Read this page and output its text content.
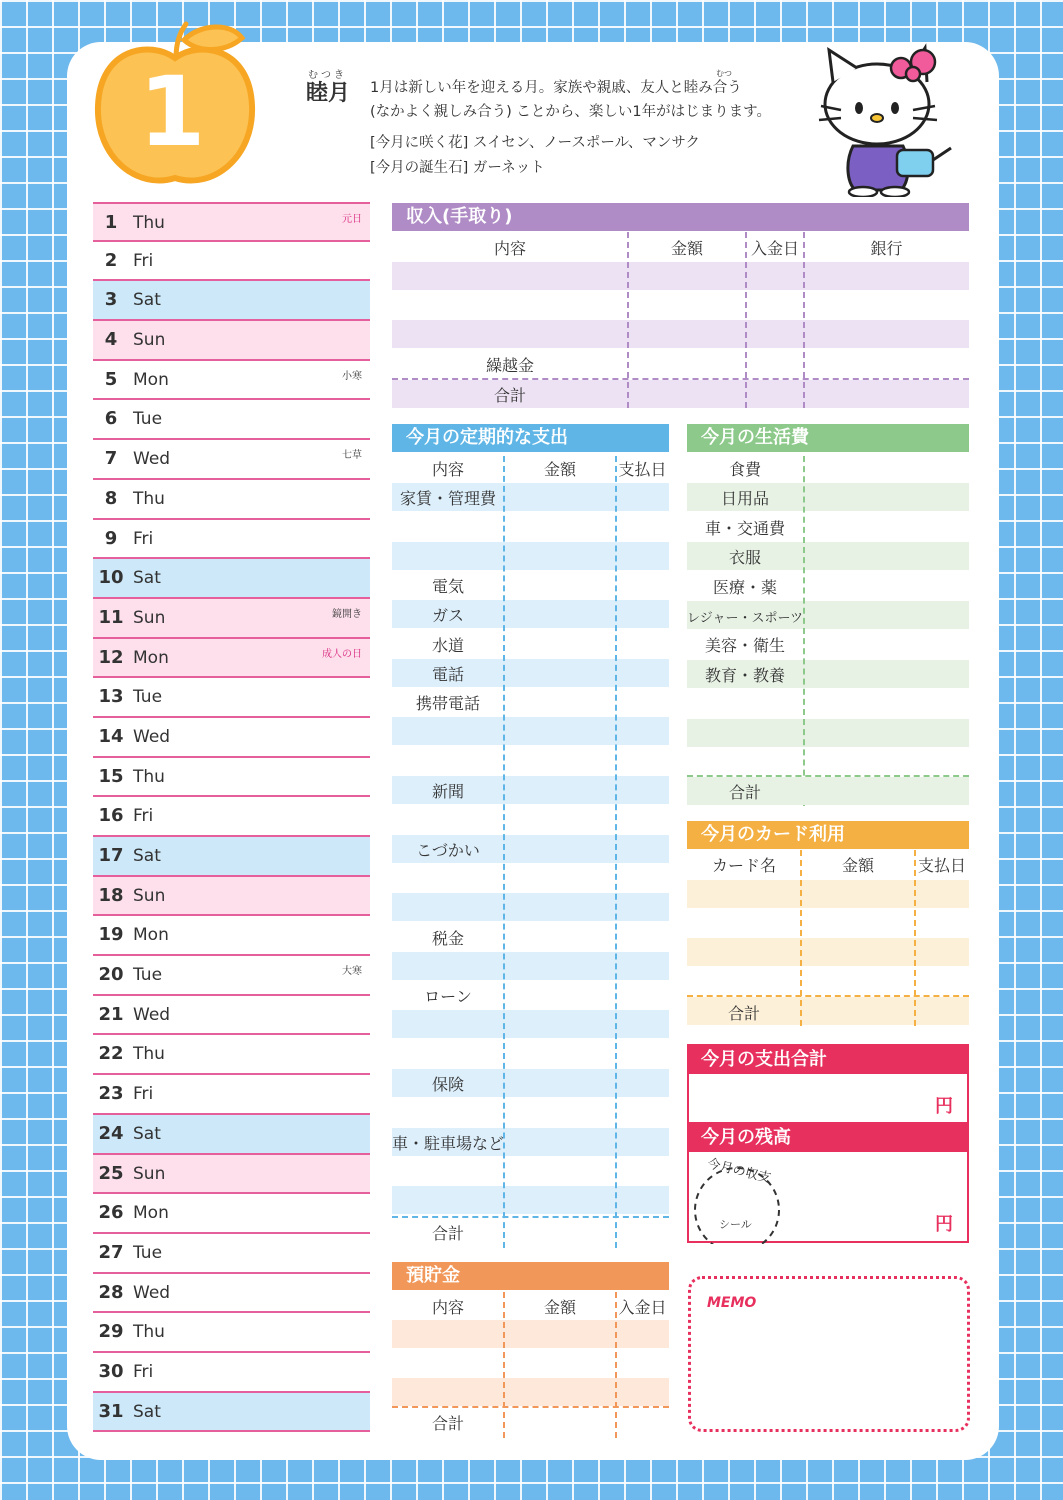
1	むつき
睦月
むつ
1月は新しい年を迎える月。家族や親戚、友人と睦み合う
(なかよく親しみ合う) ことから、楽しい1年がはじまります。
[今月に咲く花] スイセン、ノースポール、マンサク
[今月の誕生石] ガーネット
1 Thu	元日
2 Fri
3 Sat
4 Sun
5 Mon	小寒
6 Tue
7 Wed	七草
8 Thu
9 Fri
10 Sat
11 Sun	鏡開き
12 Mon	成人の日
13 Tue
14 Wed
15 Thu
16 Fri
17 Sat
18 Sun
19 Mon
20 Tue	大寒
21 Wed
22 Thu
23 Fri
24 Sat
25 Sun
26 Mon
27 Tue
28 Wed
29 Thu
30 Fri
31 Sat
収入(手取り)
内容	金額	入金日	銀行
繰越金
合計
今月の定期的な支出
内容	金額	支払日
家賃・管理費
電気
ガス
水道
電話
携帯電話
新聞
こづかい
税金
ローン
保険
車・駐車場など
合計
今月の生活費
食費
日用品
車・交通費
衣服
医療・薬
レジャー・スポーツ
美容・衛生
教育・教養
合計
今月のカード利用
カード名	金額	支払日
合計
今月の支出合計
円
今月の残高
円
今月の収支
シール
預貯金
内容	金額	入金日
合計
MEMO
